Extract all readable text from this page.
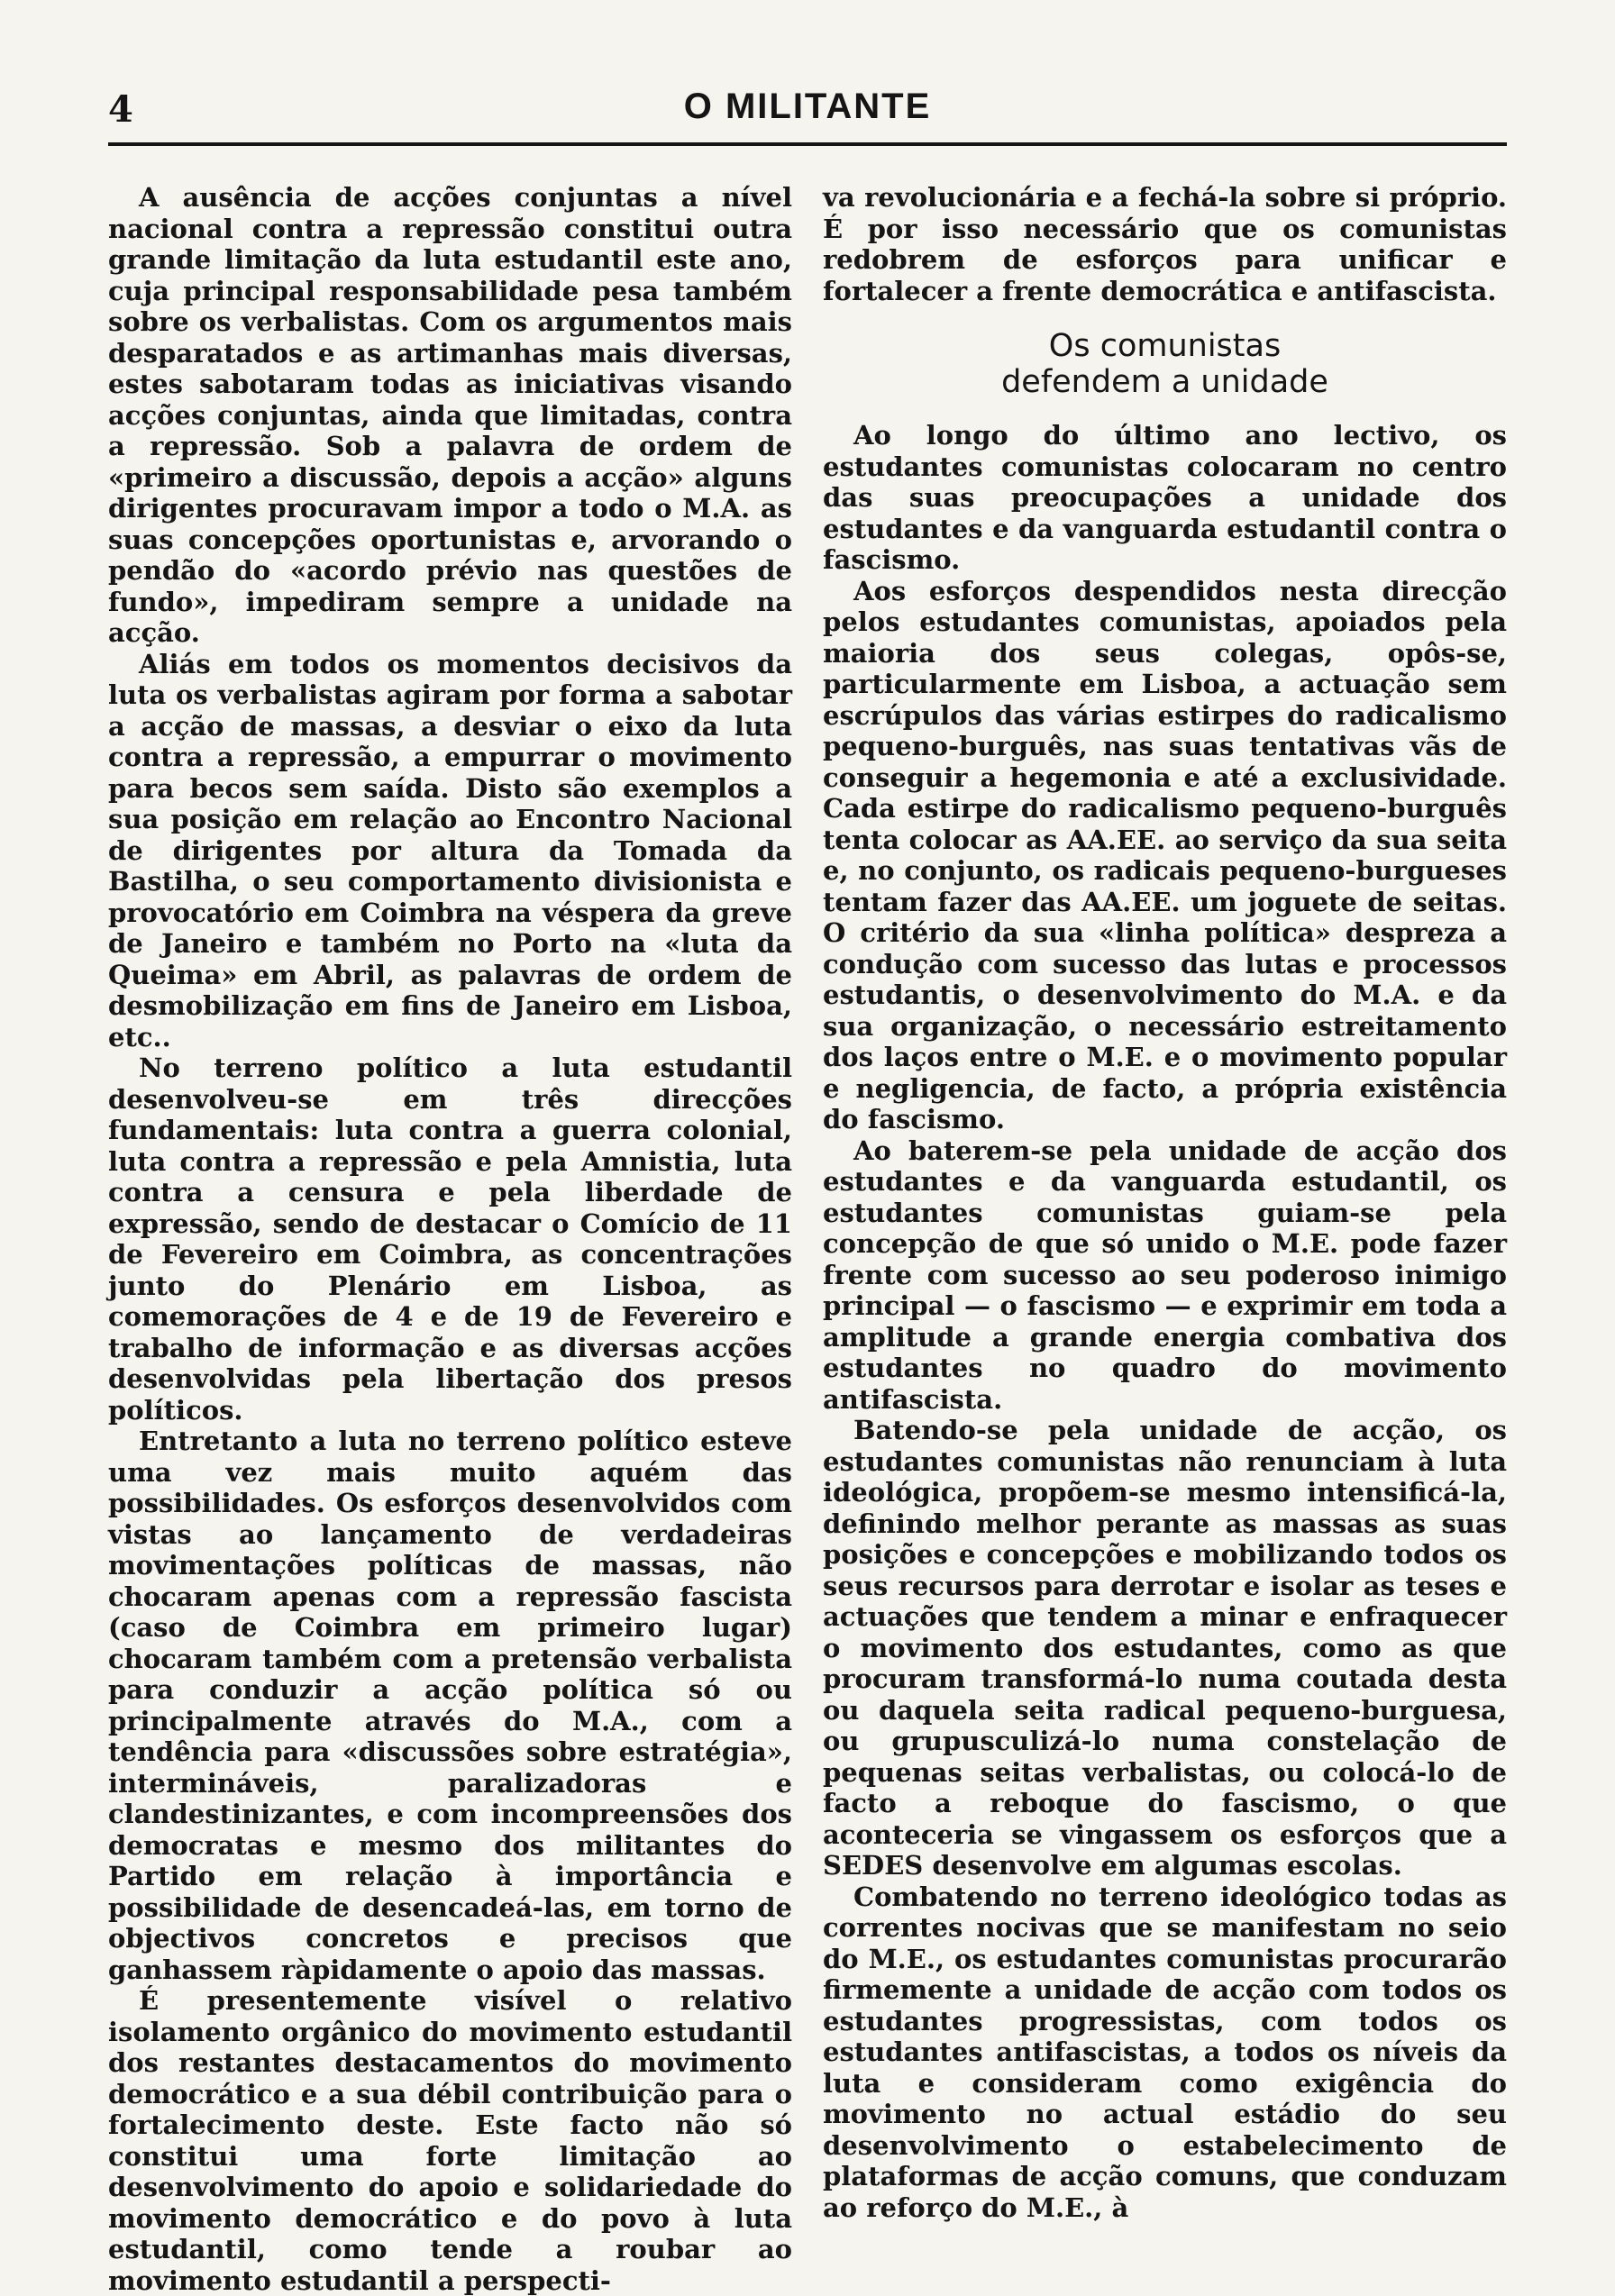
4	O MILITANTE

A ausência de acções conjuntas a nível nacional contra a repressão constitui outra grande limitação da luta estudantil este ano, cuja principal responsabilidade pesa também sobre os verbalistas. Com os argumentos mais desparatados e as artimanhas mais diversas, estes sabotaram todas as iniciativas visando acções conjuntas, ainda que limitadas, contra a repressão. Sob a palavra de ordem de «primeiro a discussão, depois a acção» alguns dirigentes procuravam impor a todo o M.A. as suas concepções oportunistas e, arvorando o pendão do «acordo prévio nas questões de fundo», impediram sempre a unidade na acção.

Aliás em todos os momentos decisivos da luta os verbalistas agiram por forma a sabotar a acção de massas, a desviar o eixo da luta contra a repressão, a empurrar o movimento para becos sem saída. Disto são exemplos a sua posição em relação ao Encontro Nacional de dirigentes por altura da Tomada da Bastilha, o seu comportamento divisionista e provocatório em Coimbra na véspera da greve de Janeiro e também no Porto na «luta da Queima» em Abril, as palavras de ordem de desmobilização em fins de Janeiro em Lisboa, etc..

No terreno político a luta estudantil desenvolveu-se em três direcções fundamentais: luta contra a guerra colonial, luta contra a repressão e pela Amnistia, luta contra a censura e pela liberdade de expressão, sendo de destacar o Comício de 11 de Fevereiro em Coimbra, as concentrações junto do Plenário em Lisboa, as comemorações de 4 e de 19 de Fevereiro e trabalho de informação e as diversas acções desenvolvidas pela libertação dos presos políticos.

Entretanto a luta no terreno político esteve uma vez mais muito aquém das possibilidades. Os esforços desenvolvidos com vistas ao lançamento de verdadeiras movimentações políticas de massas, não chocaram apenas com a repressão fascista (caso de Coimbra em primeiro lugar) chocaram também com a pretensão verbalista para conduzir a acção política só ou principalmente através do M.A., com a tendência para «discussões sobre estratégia», intermináveis, paralizadoras e clandestinizantes, e com incompreensões dos democratas e mesmo dos militantes do Partido em relação à importância e possibilidade de desencadeá-las, em torno de objectivos concretos e precisos que ganhassem ràpidamente o apoio das massas.

É presentemente visível o relativo isolamento orgânico do movimento estudantil dos restantes destacamentos do movimento democrático e a sua débil contribuição para o fortalecimento deste. Este facto não só constitui uma forte limitação ao desenvolvimento do apoio e solidariedade do movimento democrático e do povo à luta estudantil, como tende a roubar ao movimento estudantil a perspecti-

va revolucionária e a fechá-la sobre si próprio. É por isso necessário que os comunistas redobrem de esforços para unificar e fortalecer a frente democrática e antifascista.

Os comunistas
defendem a unidade

Ao longo do último ano lectivo, os estudantes comunistas colocaram no centro das suas preocupações a unidade dos estudantes e da vanguarda estudantil contra o fascismo.

Aos esforços despendidos nesta direcção pelos estudantes comunistas, apoiados pela maioria dos seus colegas, opôs-se, particularmente em Lisboa, a actuação sem escrúpulos das várias estirpes do radicalismo pequeno-burguês, nas suas tentativas vãs de conseguir a hegemonia e até a exclusividade. Cada estirpe do radicalismo pequeno-burguês tenta colocar as AA.EE. ao serviço da sua seita e, no conjunto, os radicais pequeno-burgueses tentam fazer das AA.EE. um joguete de seitas. O critério da sua «linha política» despreza a condução com sucesso das lutas e processos estudantis, o desenvolvimento do M.A. e da sua organização, o necessário estreitamento dos laços entre o M.E. e o movimento popular e negligencia, de facto, a própria existência do fascismo.

Ao baterem-se pela unidade de acção dos estudantes e da vanguarda estudantil, os estudantes comunistas guiam-se pela concepção de que só unido o M.E. pode fazer frente com sucesso ao seu poderoso inimigo principal — o fascismo — e exprimir em toda a amplitude a grande energia combativa dos estudantes no quadro do movimento antifascista.

Batendo-se pela unidade de acção, os estudantes comunistas não renunciam à luta ideológica, propõem-se mesmo intensificá-la, definindo melhor perante as massas as suas posições e concepções e mobilizando todos os seus recursos para derrotar e isolar as teses e actuações que tendem a minar e enfraquecer o movimento dos estudantes, como as que procuram transformá-lo numa coutada desta ou daquela seita radical pequeno-burguesa, ou grupusculizá-lo numa constelação de pequenas seitas verbalistas, ou colocá-lo de facto a reboque do fascismo, o que aconteceria se vingassem os esforços que a SEDES desenvolve em algumas escolas.

Combatendo no terreno ideológico todas as correntes nocivas que se manifestam no seio do M.E., os estudantes comunistas procurarão firmemente a unidade de acção com todos os estudantes progressistas, com todos os estudantes antifascistas, a todos os níveis da luta e consideram como exigência do movimento no actual estádio do seu desenvolvimento o estabelecimento de plataformas de acção comuns, que conduzam ao reforço do M.E., à
